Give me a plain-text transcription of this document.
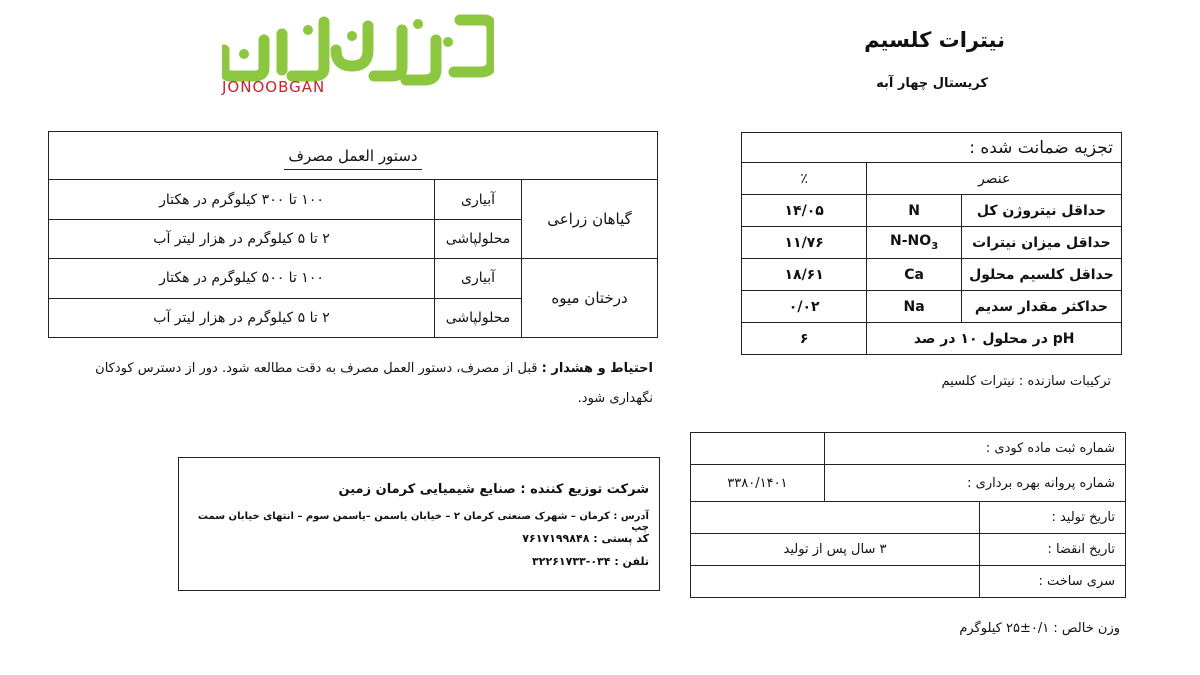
JONOOBGAN
نیترات کلسیم
کریستال چهار آبه
دستور العمل مصرف		
گیاهان زراعی	آبیاری	۱۰۰ تا ۳۰۰ کیلوگرم در هکتار
	محلولپاشی	۲ تا ۵ کیلوگرم در هزار لیتر آب
درختان میوه	آبیاری	۱۰۰ تا ۵۰۰ کیلوگرم در هکتار
	محلولپاشی	۲ تا ۵ کیلوگرم در هزار لیتر آب
احتیاط و هشدار : قبل از مصرف، دستور العمل مصرف به دقت مطالعه شود. دور از دسترس کودکان نگهداری شود.
تجزیه ضمانت شده :		
عنصر		٪
حداقل نیتروژن کل	N	۱۴/۰۵
حداقل میزان نیترات	$N-NO_3$	۱۱/۷۶
حداقل کلسیم محلول	Ca	۱۸/۶۱
حداکثر مقدار سدیم	Na	۰/۰۲
pH در محلول ۱۰ در صد		۶
ترکیبات سازنده : نیترات کلسیم
شماره ثبت ماده کودی :		
شماره پروانه بهره برداری :		۳۳۸۰/۱۴۰۱
تاریخ تولید :		
تاریخ انقضا :	۳ سال پس از تولید	
سری ساخت :		
وزن خالص : ۰/۱±۲۵ کیلوگرم
شرکت توزیع کننده : صنایع شیمیایی کرمان زمین
آدرس : کرمان – شهرک صنعتی کرمان ۲ – خیابان یاسمن –یاسمن سوم – انتهای خیابان سمت چپ
کد پستی : ۷۶۱۷۱۹۹۸۴۸
تلفن : ۰۳۴-۳۲۲۶۱۷۳۳
